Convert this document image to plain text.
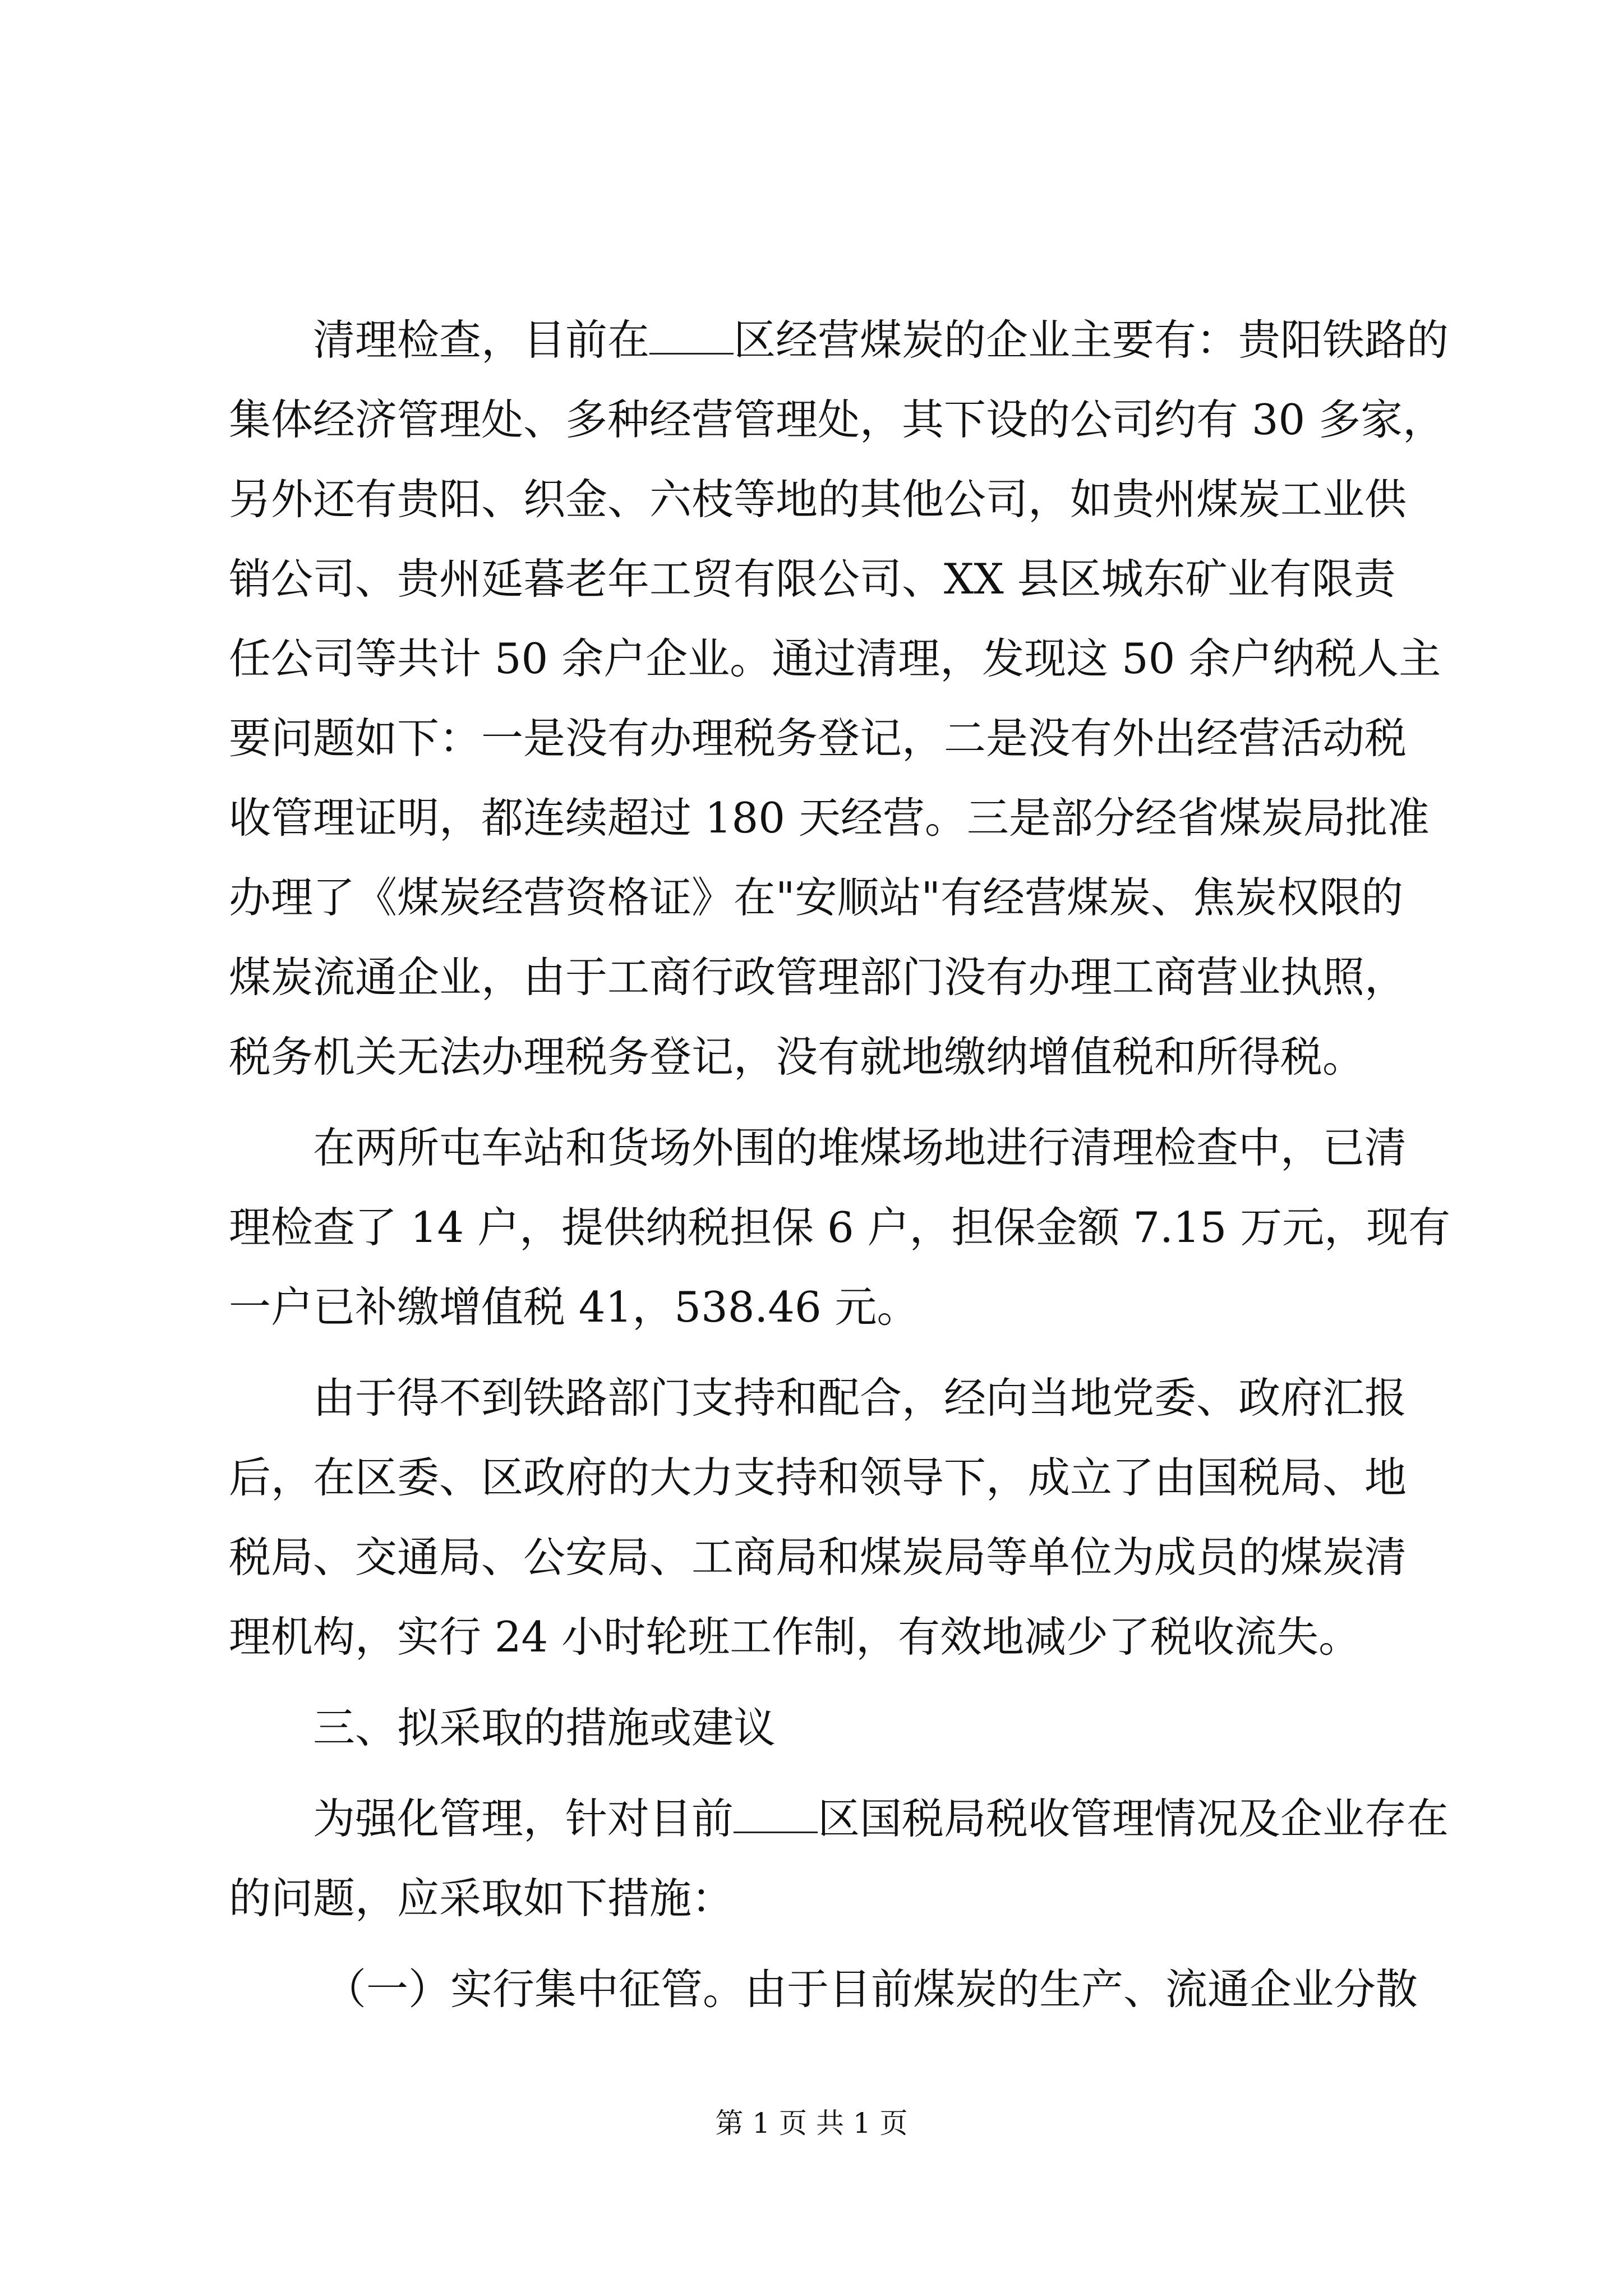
清理检查，目前在 区经营煤炭的企业主要有：贵阳铁路的
集体经济管理处、多种经营管理处，其下设的公司约有 30 多家，
另外还有贵阳、织金、六枝等地的其他公司，如贵州煤炭工业供
销公司、贵州延暮老年工贸有限公司、XX 县区城东矿业有限责
任公司等共计 50 余户企业。通过清理，发现这 50 余户纳税人主
要问题如下：一是没有办理税务登记，二是没有外出经营活动税
收管理证明，都连续超过 180 天经营。三是部分经省煤炭局批准
办理了《煤炭经营资格证》在"安顺站"有经营煤炭、焦炭权限的
煤炭流通企业，由于工商行政管理部门没有办理工商营业执照，
税务机关无法办理税务登记，没有就地缴纳增值税和所得税。
在两所屯车站和货场外围的堆煤场地进行清理检查中，已清
理检查了 14 户，提供纳税担保 6 户，担保金额 7.15 万元，现有
一户已补缴增值税 41，538.46 元。
由于得不到铁路部门支持和配合，经向当地党委、政府汇报
后，在区委、区政府的大力支持和领导下，成立了由国税局、地
税局、交通局、公安局、工商局和煤炭局等单位为成员的煤炭清
理机构，实行 24 小时轮班工作制，有效地减少了税收流失。
三、拟采取的措施或建议
为强化管理，针对目前 区国税局税收管理情况及企业存在
的问题，应采取如下措施：
（一）实行集中征管。由于目前煤炭的生产、流通企业分散
第 1 页 共 1 页
